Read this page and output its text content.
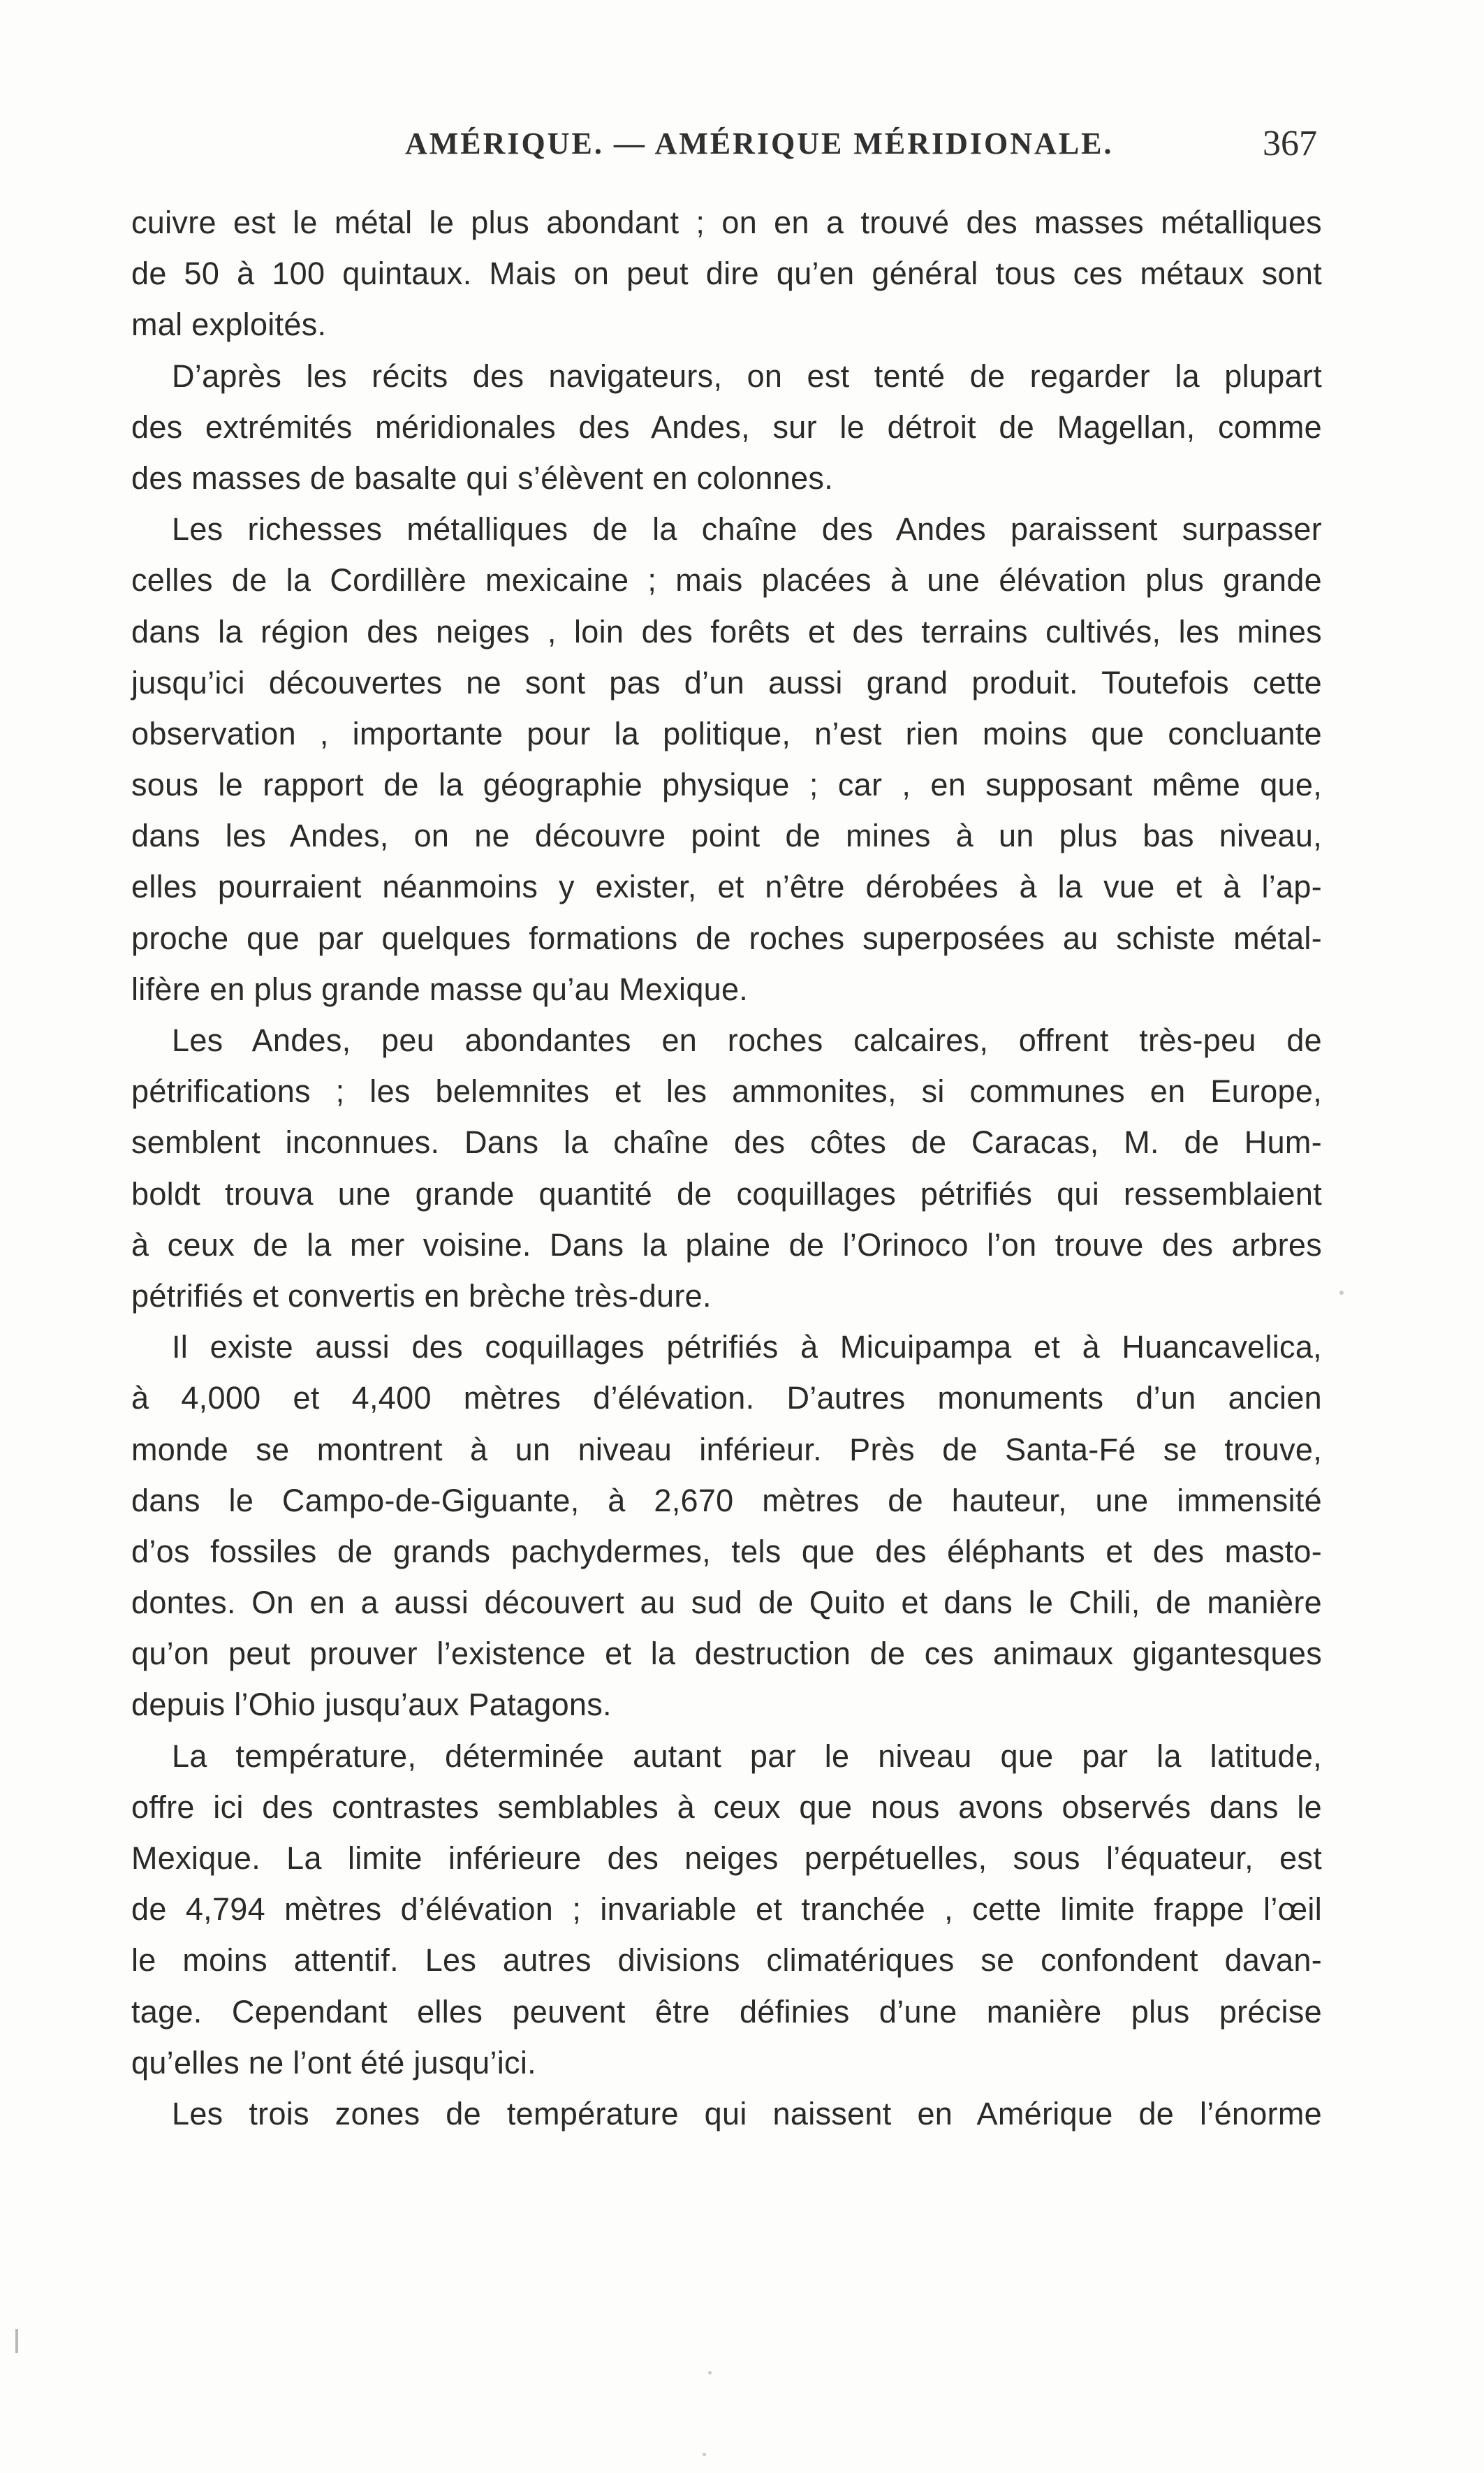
AMÉRIQUE. — AMÉRIQUE MÉRIDIONALE.	367
cuivre est le métal le plus abondant ; on en a trouvé des masses métalliques
de 50 à 100 quintaux. Mais on peut dire qu’en général tous ces métaux sont
mal exploités.
D’après les récits des navigateurs, on est tenté de regarder la plupart
des extrémités méridionales des Andes, sur le détroit de Magellan, comme
des masses de basalte qui s’élèvent en colonnes.
Les richesses métalliques de la chaîne des Andes paraissent surpasser
celles de la Cordillère mexicaine ; mais placées à une élévation plus grande
dans la région des neiges , loin des forêts et des terrains cultivés, les mines
jusqu’ici découvertes ne sont pas d’un aussi grand produit. Toutefois cette
observation , importante pour la politique, n’est rien moins que concluante
sous le rapport de la géographie physique ; car , en supposant même que,
dans les Andes, on ne découvre point de mines à un plus bas niveau,
elles pourraient néanmoins y exister, et n’être dérobées à la vue et à l’ap-
proche que par quelques formations de roches superposées au schiste métal-
lifère en plus grande masse qu’au Mexique.
Les Andes, peu abondantes en roches calcaires, offrent très-peu de
pétrifications ; les belemnites et les ammonites, si communes en Europe,
semblent inconnues. Dans la chaîne des côtes de Caracas, M. de Hum-
boldt trouva une grande quantité de coquillages pétrifiés qui ressemblaient
à ceux de la mer voisine. Dans la plaine de l’Orinoco l’on trouve des arbres
pétrifiés et convertis en brèche très-dure.
Il existe aussi des coquillages pétrifiés à Micuipampa et à Huancavelica,
à 4,000 et 4,400 mètres d’élévation. D’autres monuments d’un ancien
monde se montrent à un niveau inférieur. Près de Santa-Fé se trouve,
dans le Campo-de-Giguante, à 2,670 mètres de hauteur, une immensité
d’os fossiles de grands pachydermes, tels que des éléphants et des masto-
dontes. On en a aussi découvert au sud de Quito et dans le Chili, de manière
qu’on peut prouver l’existence et la destruction de ces animaux gigantesques
depuis l’Ohio jusqu’aux Patagons.
La température, déterminée autant par le niveau que par la latitude,
offre ici des contrastes semblables à ceux que nous avons observés dans le
Mexique. La limite inférieure des neiges perpétuelles, sous l’équateur, est
de 4,794 mètres d’élévation ; invariable et tranchée , cette limite frappe l’œil
le moins attentif. Les autres divisions climatériques se confondent davan-
tage. Cependant elles peuvent être définies d’une manière plus précise
qu’elles ne l’ont été jusqu’ici.
Les trois zones de température qui naissent en Amérique de l’énorme
